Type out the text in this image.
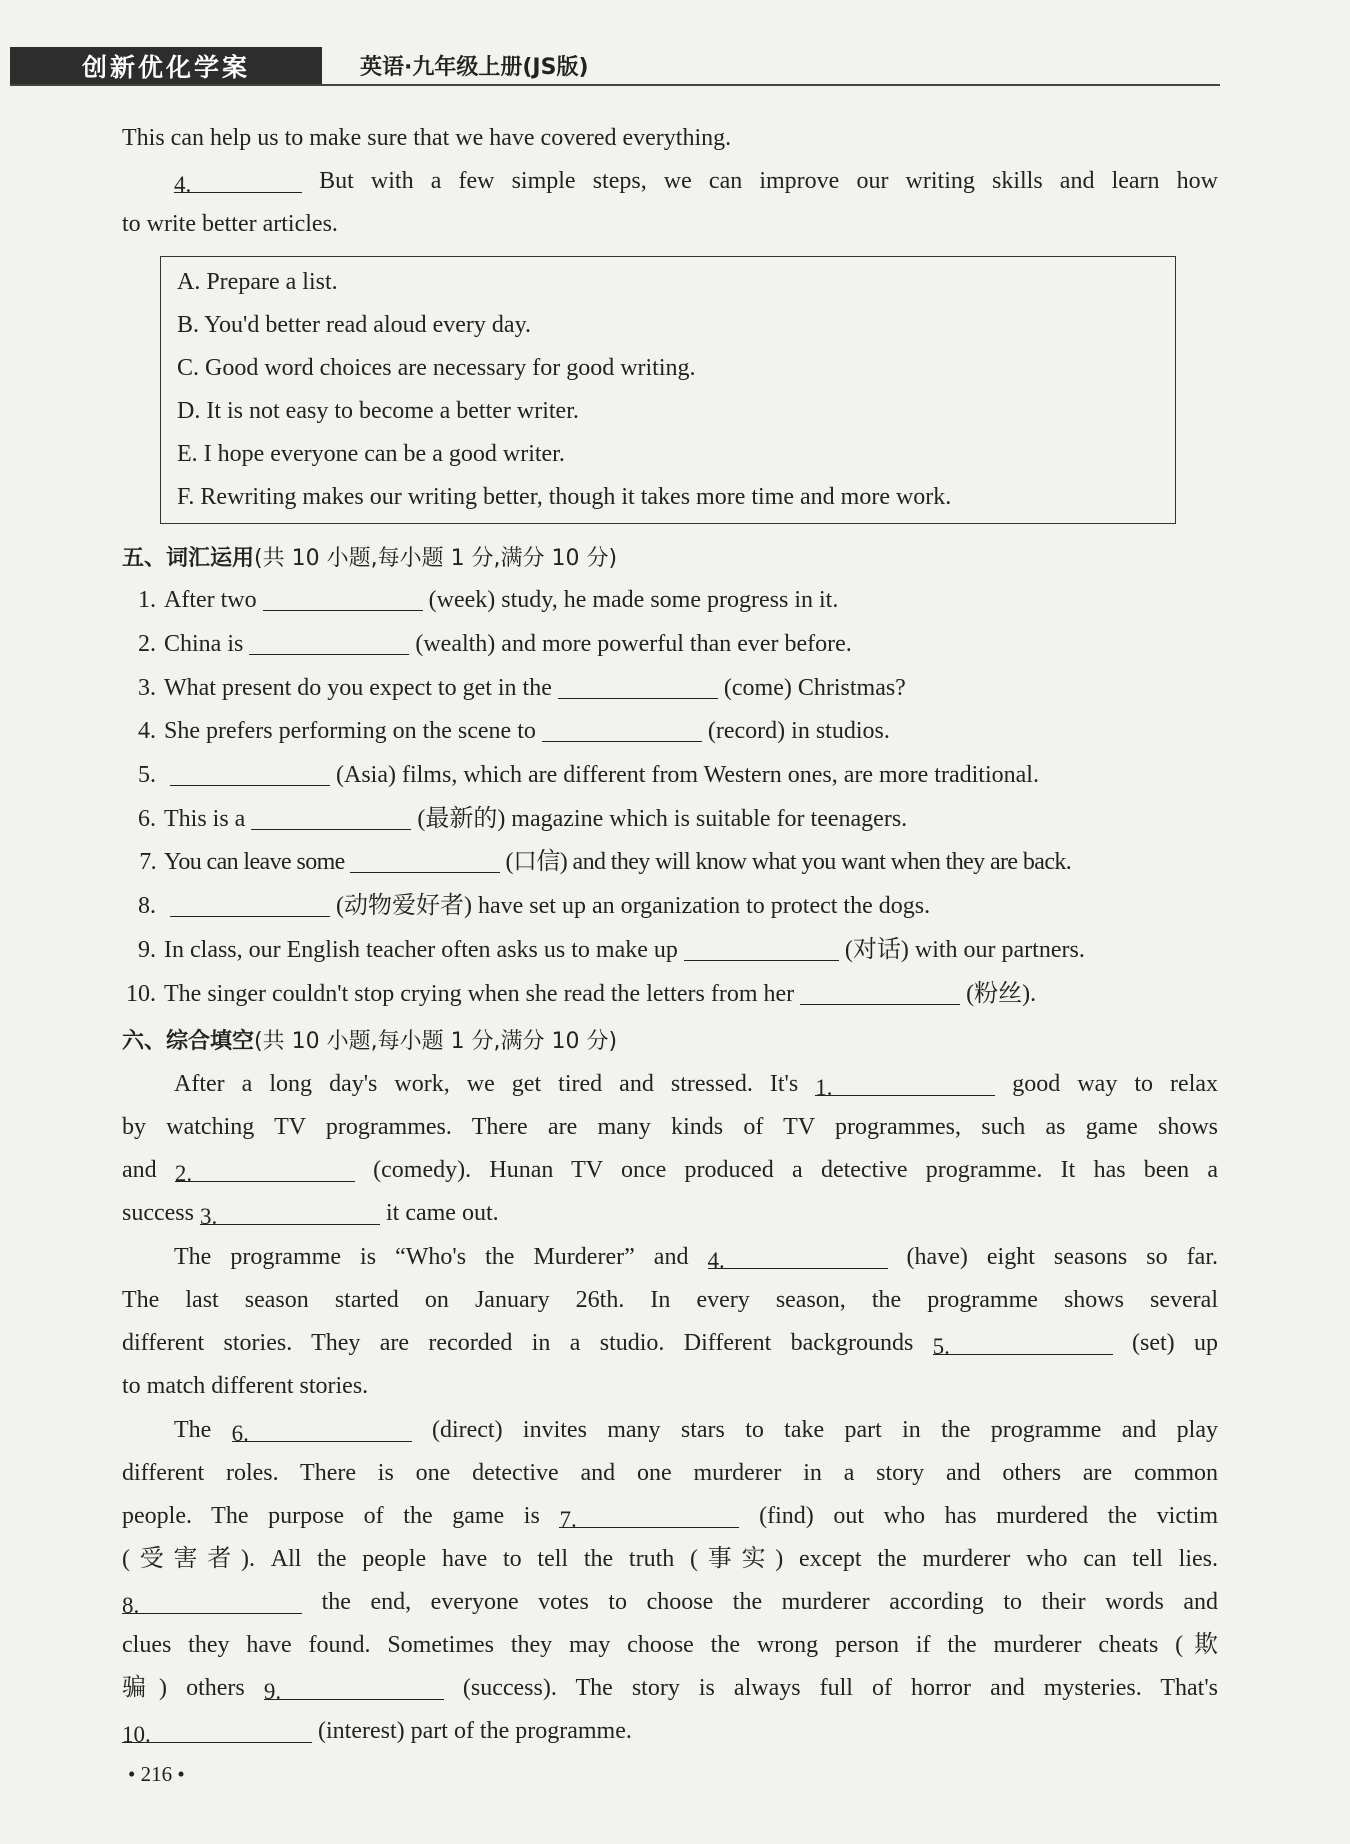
创新优化学案	英语·九年级上册(JS版)
This can help us to make sure that we have covered everything.
4.	But with a few simple steps, we can improve our writing skills and learn how
to write better articles.
A. Prepare a list.
B. You'd better read aloud every day.
C. Good word choices are necessary for good writing.
D. It is not easy to become a better writer.
E. I hope everyone can be a good writer.
F. Rewriting makes our writing better, though it takes more time and more work.
五、词汇运用(共 10 小题,每小题 1 分,满分 10 分)
1. After two	(week) study, he made some progress in it.
2. China is	(wealth) and more powerful than ever before.
3. What present do you expect to get in the	(come) Christmas?
4. She prefers performing on the scene to	(record) in studios.
5.	(Asia) films, which are different from Western ones, are more traditional.
6. This is a	(最新的) magazine which is suitable for teenagers.
7. You can leave some	(口信) and they will know what you want when they are back.
8.	(动物爱好者) have set up an organization to protect the dogs.
9. In class, our English teacher often asks us to make up	(对话) with our partners.
10. The singer couldn't stop crying when she read the letters from her	(粉丝).
六、综合填空(共 10 小题,每小题 1 分,满分 10 分)
After a long day's work, we get tired and stressed. It's 1.	good way to relax
by watching TV programmes. There are many kinds of TV programmes, such as game shows
and 2.	(comedy). Hunan TV once produced a detective programme. It has been a
success 3.	it came out.
The programme is “Who's the Murderer” and 4.	(have) eight seasons so far.
The last season started on January 26th. In every season, the programme shows several
different stories. They are recorded in a studio. Different backgrounds 5.	(set) up
to match different stories.
The 6.	(direct) invites many stars to take part in the programme and play
different roles. There is one detective and one murderer in a story and others are common
people. The purpose of the game is 7.	(find) out who has murdered the victim
(受害者). All the people have to tell the truth (事实) except the murderer who can tell lies.
8.	the end, everyone votes to choose the murderer according to their words and
clues they have found. Sometimes they may choose the wrong person if the murderer cheats (欺
骗) others 9.	(success). The story is always full of horror and mysteries. That's
10.	(interest) part of the programme.
• 216 •
